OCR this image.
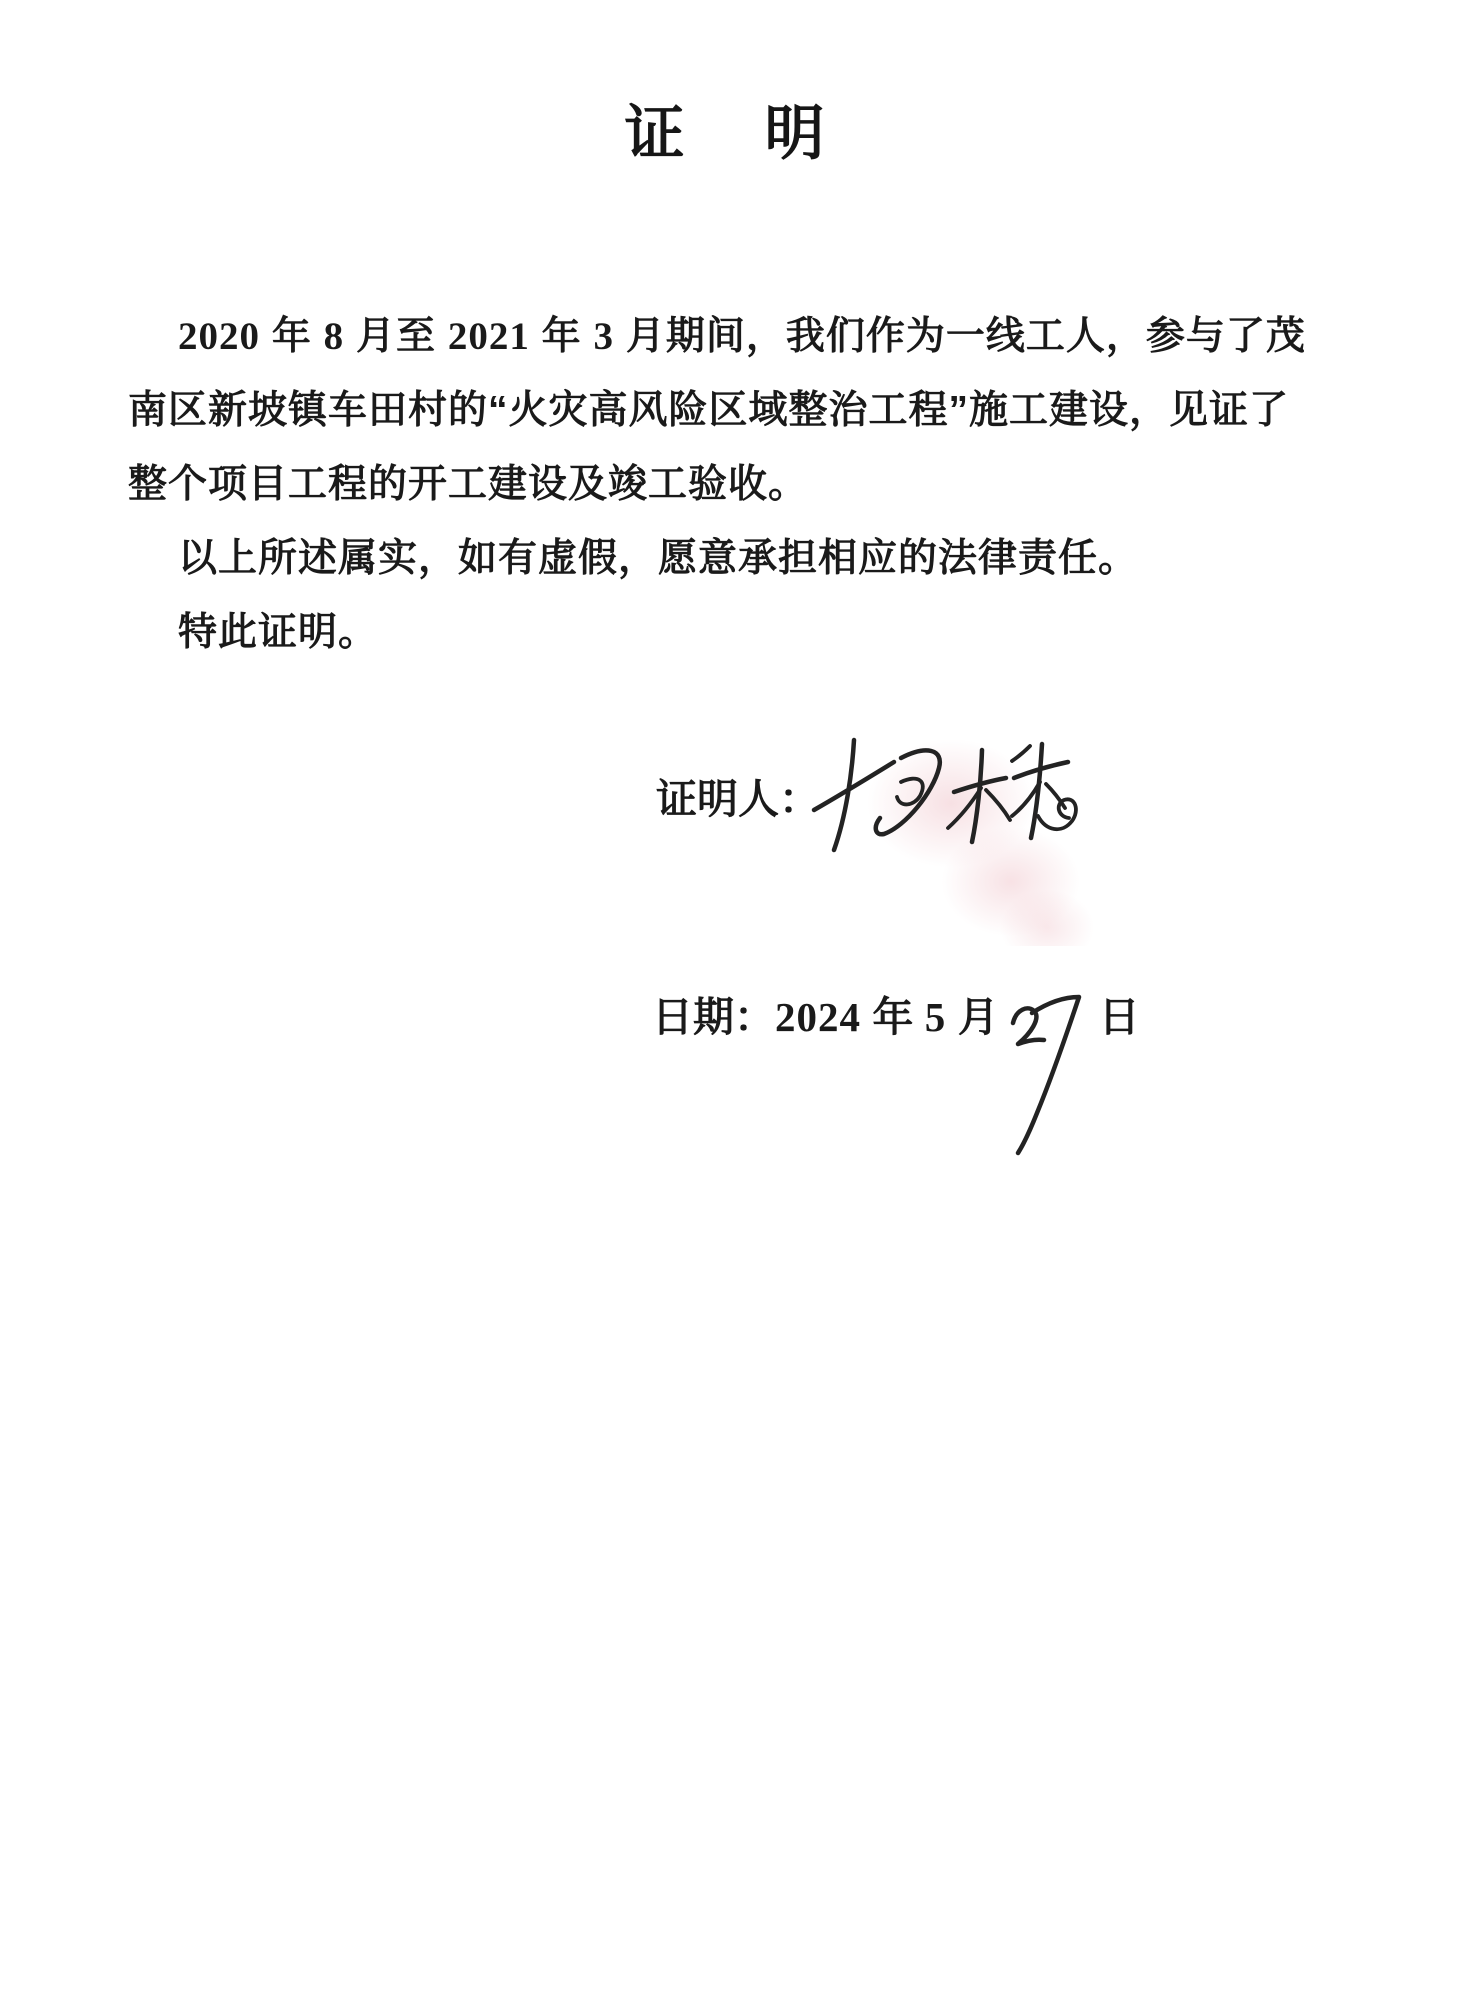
证　明
2020 年 8 月至 2021 年 3 月期间，我们作为一线工人，参与了茂
南区新坡镇车田村的“火灾高风险区域整治工程”施工建设，见证了
整个项目工程的开工建设及竣工验收。
以上所述属实，如有虚假，愿意承担相应的法律责任。
特此证明。
证明人：
日期：2024 年 5 月 日
